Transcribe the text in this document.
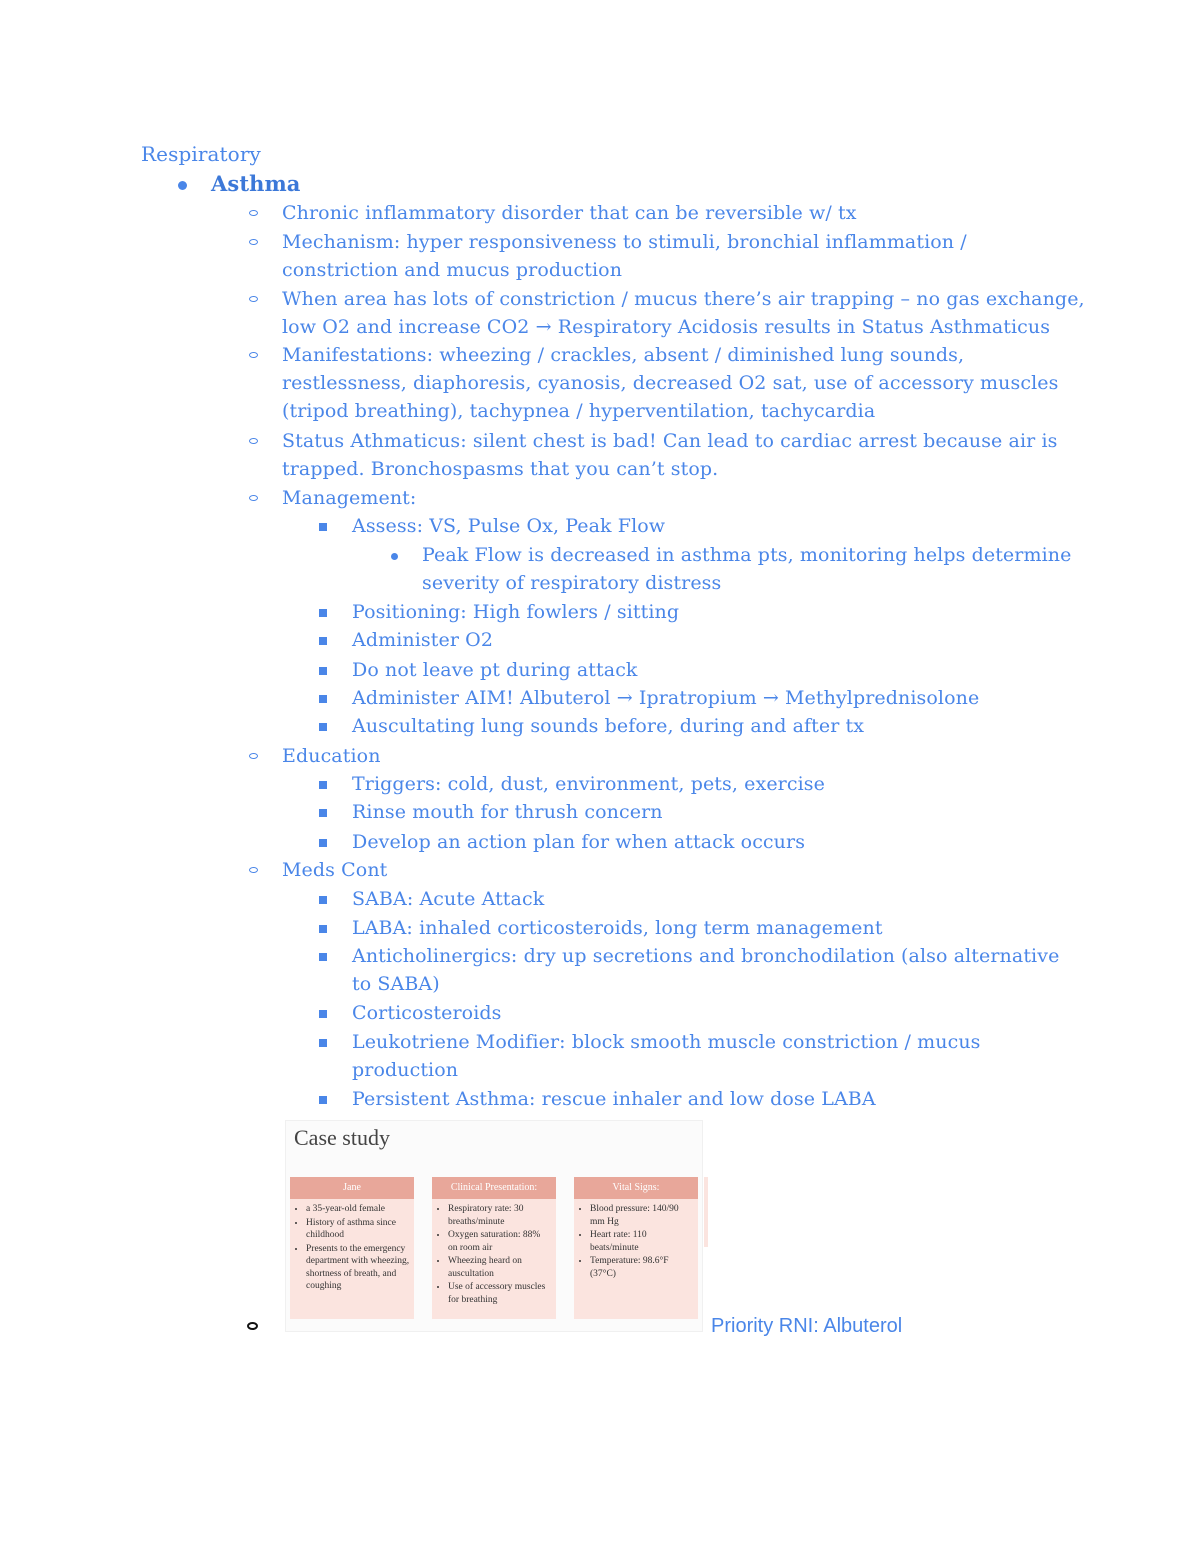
Respiratory
Asthma
Chronic inflammatory disorder that can be reversible w/ tx
Mechanism: hyper responsiveness to stimuli, bronchial inflammation /
constriction and mucus production
When area has lots of constriction / mucus there’s air trapping – no gas exchange,
low O2 and increase CO2 → Respiratory Acidosis results in Status Asthmaticus
Manifestations: wheezing / crackles, absent / diminished lung sounds,
restlessness, diaphoresis, cyanosis, decreased O2 sat, use of accessory muscles
(tripod breathing), tachypnea / hyperventilation, tachycardia
Status Athmaticus: silent chest is bad! Can lead to cardiac arrest because air is
trapped. Bronchospasms that you can’t stop.
Management:
Assess: VS, Pulse Ox, Peak Flow
Peak Flow is decreased in asthma pts, monitoring helps determine
severity of respiratory distress
Positioning: High fowlers / sitting
Administer O2
Do not leave pt during attack
Administer AIM! Albuterol → Ipratropium → Methylprednisolone
Auscultating lung sounds before, during and after tx
Education
Triggers: cold, dust, environment, pets, exercise
Rinse mouth for thrush concern
Develop an action plan for when attack occurs
Meds Cont
SABA: Acute Attack
LABA: inhaled corticosteroids, long term management
Anticholinergics: dry up secretions and bronchodilation (also alternative
to SABA)
Corticosteroids
Leukotriene Modifier: block smooth muscle constriction / mucus
production
Persistent Asthma: rescue inhaler and low dose LABA
Case study
Jane
• a 35-year-old female
• History of asthma since childhood
• Presents to the emergency department with wheezing, shortness of breath, and coughing
Clinical Presentation:
• Respiratory rate: 30 breaths/minute
• Oxygen saturation: 88% on room air
• Wheezing heard on auscultation
• Use of accessory muscles for breathing
Vital Signs:
• Blood pressure: 140/90 mm Hg
• Heart rate: 110 beats/minute
• Temperature: 98.6°F (37°C)
Priority RNI: Albuterol
